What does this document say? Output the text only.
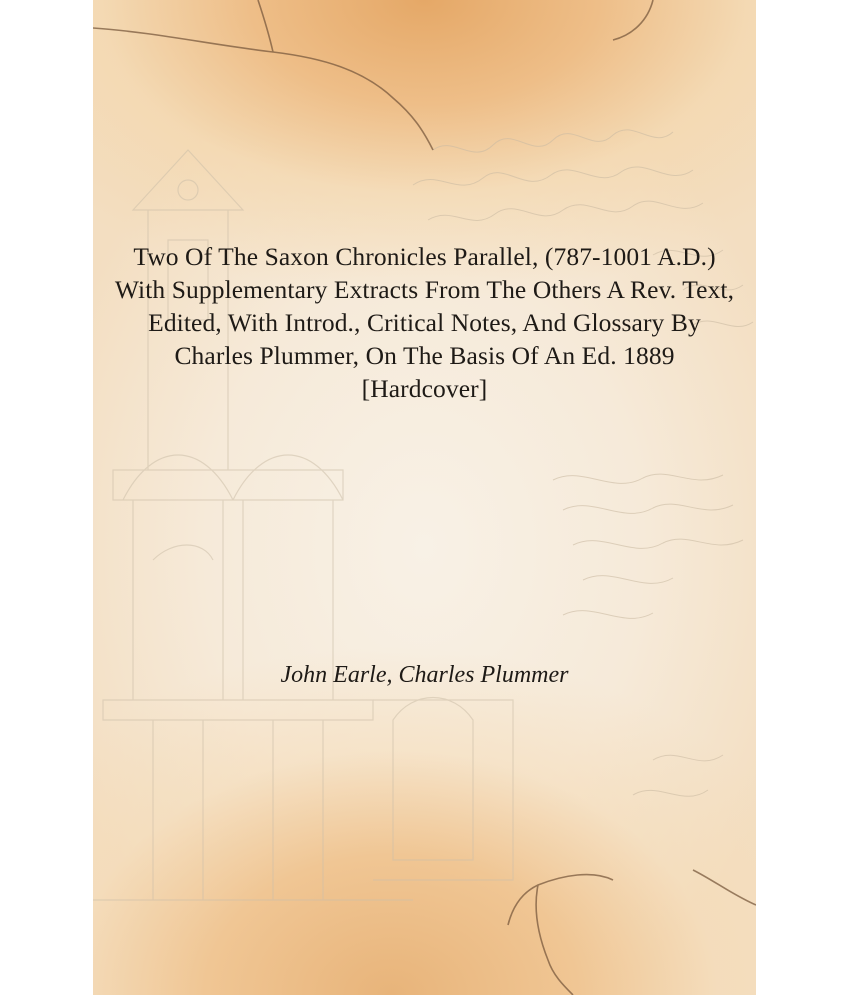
Two Of The Saxon Chronicles Parallel, (787-1001 A.D.) With Supplementary Extracts From The Others A Rev. Text, Edited, With Introd., Critical Notes, And Glossary By Charles Plummer, On The Basis Of An Ed. 1889 [Hardcover]

John Earle, Charles Plummer
